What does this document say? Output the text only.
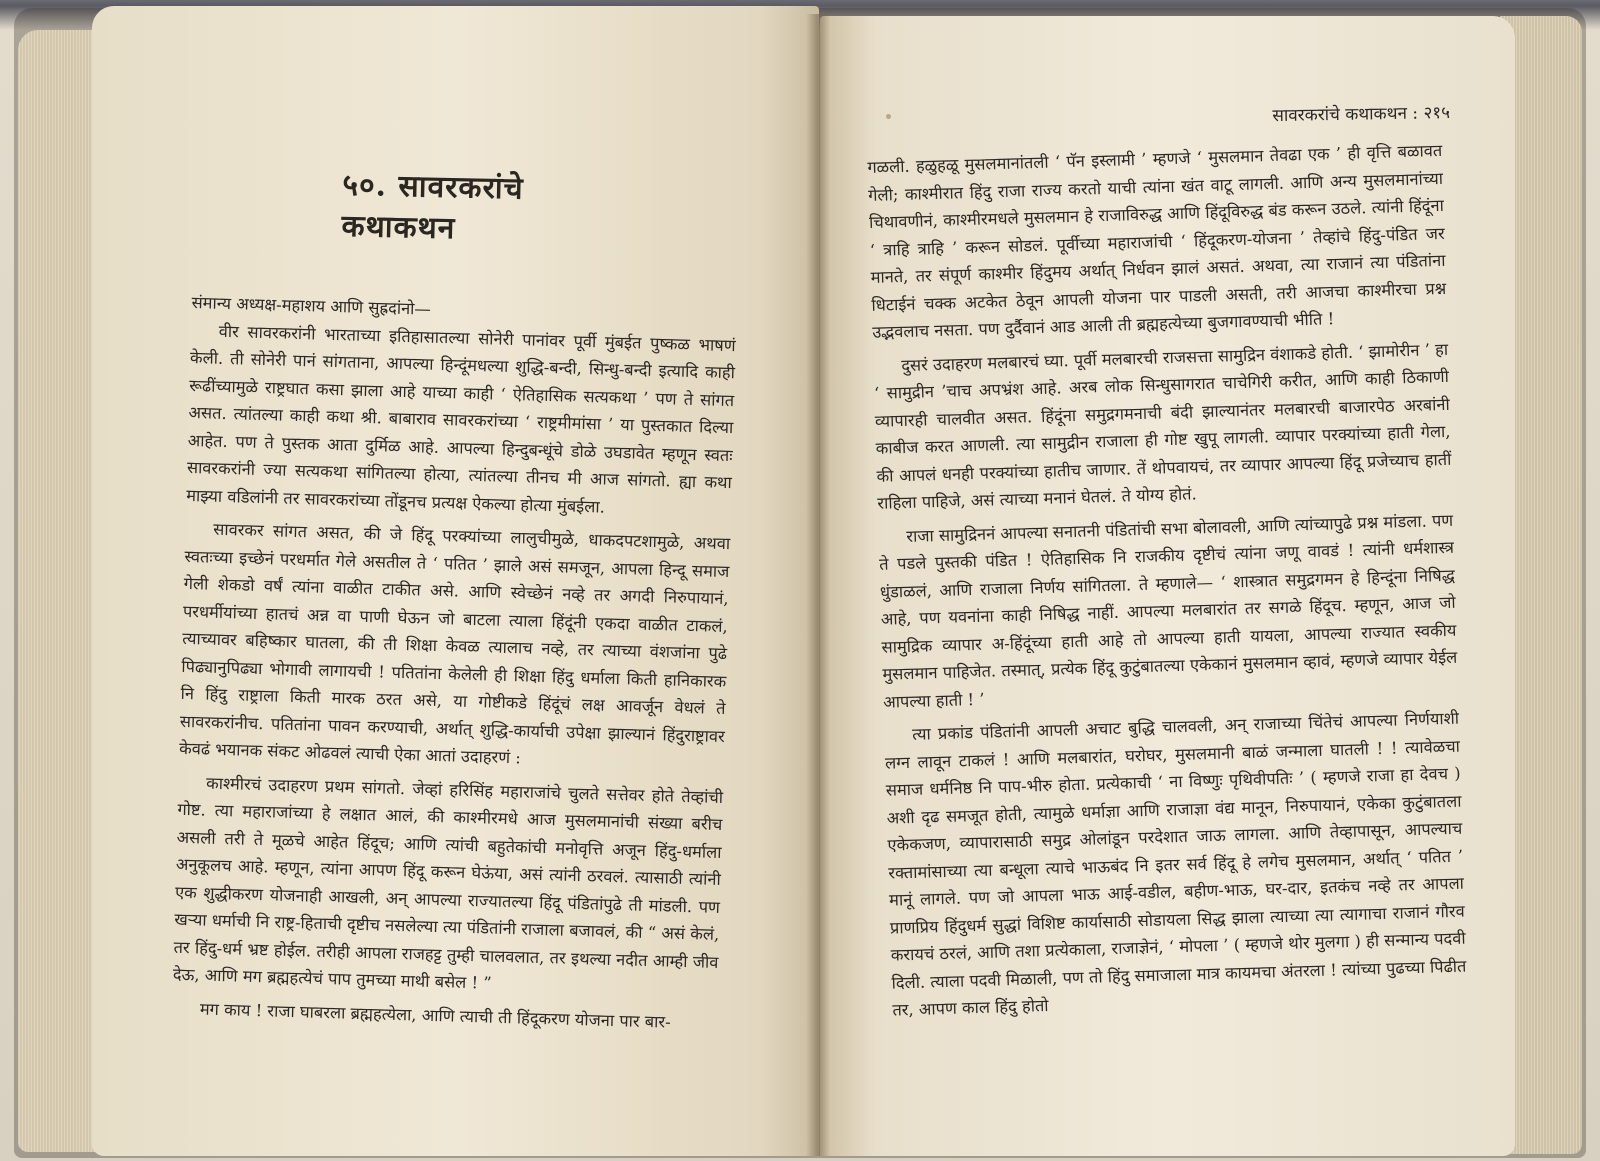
५०. सावरकरांचे कथाकथन

संमान्य अध्यक्ष-महाशय आणि सुह्रदांनो—

वीर सावरकरांनी भारताच्या इतिहासातल्या सोनेरी पानांवर पूर्वी मुंबईत पुष्कळ भाषणं केली. ती सोनेरी पानं सांगताना, आपल्या हिन्दूंमधल्या शुद्धि-बन्दी, सिन्धु-बन्दी इत्यादि काही रूढींच्यामुळे राष्ट्रघात कसा झाला आहे याच्या काही ‘ ऐतिहासिक सत्यकथा ’ पण ते सांगत असत. त्यांतल्या काही कथा श्री. बाबाराव सावरकरांच्या ‘ राष्ट्रमीमांसा ’ या पुस्तकात दिल्या आहेत. पण ते पुस्तक आता दुर्मिळ आहे. आपल्या हिन्दुबन्धूंचे डोळे उघडावेत म्हणून स्वतः सावरकरांनी ज्या सत्यकथा सांगितल्या होत्या, त्यांतल्या तीनच मी आज सांगतो. ह्या कथा माझ्या वडिलांनी तर सावरकरांच्या तोंडूनच प्रत्यक्ष ऐकल्या होत्या मुंबईला.

सावरकर सांगत असत, की जे हिंदू परक्यांच्या लालुचीमुळे, धाकदपटशामुळे, अथवा स्वतःच्या इच्छेनं परधर्मात गेले असतील ते ‘ पतित ’ झाले असं समजून, आपला हिन्दू समाज गेली शेकडो वर्षं त्यांना वाळीत टाकीत असे. आणि स्वेच्छेनं नव्हे तर अगदी निरुपायानं, परधर्मीयांच्या हातचं अन्न वा पाणी घेऊन जो बाटला त्याला हिंदूंनी एकदा वाळीत टाकलं, त्याच्यावर बहिष्कार घातला, की ती शिक्षा केवळ त्यालाच नव्हे, तर त्याच्या वंशजांना पुढे पिढ्यानुपिढ्या भोगावी लागायची ! पतितांना केलेली ही शिक्षा हिंदु धर्माला किती हानिकारक नि हिंदु राष्ट्राला किती मारक ठरत असे, या गोष्टीकडे हिंदूंचं लक्ष आवर्जून वेधलं ते सावरकरांनीच. पतितांना पावन करण्याची, अर्थात् शुद्धि-कार्याची उपेक्षा झाल्यानं हिंदुराष्ट्रावर केवढं भयानक संकट ओढवलं त्याची ऐका आतां उदाहरणं :

काश्मीरचं उदाहरण प्रथम सांगतो. जेव्हां हरिसिंह महाराजांचे चुलते सत्तेवर होते तेव्हांची गोष्ट. त्या महाराजांच्या हे लक्षात आलं, की काश्मीरमधे आज मुसलमानांची संख्या बरीच असली तरी ते मूळचे आहेत हिंदूच; आणि त्यांची बहुतेकांची मनोवृत्ति अजून हिंदु-धर्माला अनुकूलच आहे. म्हणून, त्यांना आपण हिंदू करून घेऊंया, असं त्यांनी ठरवलं. त्यासाठी त्यांनी एक शुद्धीकरण योजनाही आखली, अन् आपल्या राज्यातल्या हिंदू पंडितांपुढे ती मांडली. पण खऱ्या धर्माची नि राष्ट्र-हिताची दृष्टीच नसलेल्या त्या पंडितांनी राजाला बजावलं, की “ असं केलं, तर हिंदु-धर्म भ्रष्ट होईल. तरीही आपला राजहट्ट तुम्ही चालवलात, तर इथल्या नदीत आम्ही जीव देऊ, आणि मग ब्रह्महत्येचं पाप तुमच्या माथी बसेल ! ”

मग काय ! राजा घाबरला ब्रह्महत्येला, आणि त्याची ती हिंदूकरण योजना पार बार-

सावरकरांचे कथाकथन : २१५

गळली. हळुहळू मुसलमानांतली ‘ पॅन इस्लामी ’ म्हणजे ‘ मुसलमान तेवढा एक ’ ही वृत्ति बळावत गेली; काश्मीरात हिंदु राजा राज्य करतो याची त्यांना खंत वाटू लागली. आणि अन्य मुसलमानांच्या चिथावणीनं, काश्मीरमधले मुसलमान हे राजाविरुद्ध आणि हिंदूविरुद्ध बंड करून उठले. त्यांनी हिंदूंना ‘ त्राहि त्राहि ’ करून सोडलं. पूर्वीच्या महाराजांची ‘ हिंदूकरण-योजना ’ तेव्हांचे हिंदु-पंडित जर मानते, तर संपूर्ण काश्मीर हिंदुमय अर्थात् निर्धवन झालं असतं. अथवा, त्या राजानं त्या पंडितांना धिटाईनं चक्क अटकेत ठेवून आपली योजना पार पाडली असती, तरी आजचा काश्मीरचा प्रश्न उद्भवलाच नसता. पण दुर्दैवानं आड आली ती ब्रह्महत्येच्या बुजगावण्याची भीति !

दुसरं उदाहरण मलबारचं घ्या. पूर्वी मलबारची राजसत्ता सामुद्रिन वंशाकडे होती. ‘ झामोरीन ’ हा ‘ सामुद्रीन ’चाच अपभ्रंश आहे. अरब लोक सिन्धुसागरात चाचेगिरी करीत, आणि काही ठिकाणी व्यापारही चालवीत असत. हिंदूंना समुद्रगमनाची बंदी झाल्यानंतर मलबारची बाजारपेठ अरबांनी काबीज करत आणली. त्या सामुद्रीन राजाला ही गोष्ट खुपू लागली. व्यापार परक्यांच्या हाती गेला, की आपलं धनही परक्यांच्या हातीच जाणार. तें थोपवायचं, तर व्यापार आपल्या हिंदू प्रजेच्याच हातीं राहिला पाहिजे, असं त्याच्या मनानं घेतलं. ते योग्य होतं.

राजा सामुद्रिननं आपल्या सनातनी पंडितांची सभा बोलावली, आणि त्यांच्यापुढे प्रश्न मांडला. पण ते पडले पुस्तकी पंडित ! ऐतिहासिक नि राजकीय दृष्टीचं त्यांना जणू वावडं ! त्यांनी धर्मशास्त्र धुंडाळलं, आणि राजाला निर्णय सांगितला. ते म्हणाले— ‘ शास्त्रात समुद्रगमन हे हिन्दूंना निषिद्ध आहे, पण यवनांना काही निषिद्ध नाहीं. आपल्या मलबारांत तर सगळे हिंदूच. म्हणून, आज जो सामुद्रिक व्यापार अ-हिंदूंच्या हाती आहे तो आपल्या हाती यायला, आपल्या राज्यात स्वकीय मुसलमान पाहिजेत. तस्मात्, प्रत्येक हिंदू कुटुंबातल्या एकेकानं मुसलमान व्हावं, म्हणजे व्यापार येईल आपल्या हाती ! ’

त्या प्रकांड पंडितांनी आपली अचाट बुद्धि चालवली, अन् राजाच्या चिंतेचं आपल्या निर्णयाशी लग्न लावून टाकलं ! आणि मलबारांत, घरोघर, मुसलमानी बाळं जन्माला घातली ! ! त्यावेळचा समाज धर्मनिष्ठ नि पाप-भीरु होता. प्रत्येकाची ‘ ना विष्णुः पृथिवीपतिः ’ ( म्हणजे राजा हा देवच ) अशी दृढ समजूत होती, त्यामुळे धर्माज्ञा आणि राजाज्ञा वंद्य मानून, निरुपायानं, एकेका कुटुंबातला एकेकजण, व्यापारासाठी समुद्र ओलांडून परदेशात जाऊ लागला. आणि तेव्हापासून, आपल्याच रक्तामांसाच्या त्या बन्धूला त्याचे भाऊबंद नि इतर सर्व हिंदू हे लगेच मुसलमान, अर्थात् ‘ पतित ’ मानूं लागले. पण जो आपला भाऊ आई-वडील, बहीण-भाऊ, घर-दार, इतकंच नव्हे तर आपला प्राणप्रिय हिंदुधर्म सुद्धां विशिष्ट कार्यासाठी सोडायला सिद्ध झाला त्याच्या त्या त्यागाचा राजानं गौरव करायचं ठरलं, आणि तशा प्रत्येकाला, राजाज्ञेनं, ‘ मोपला ’ ( म्हणजे थोर मुलगा ) ही सन्मान्य पदवी दिली. त्याला पदवी मिळाली, पण तो हिंदु समाजाला मात्र कायमचा अंतरला ! त्यांच्या पुढच्या पिढीत तर, आपण काल हिंदु होतो
